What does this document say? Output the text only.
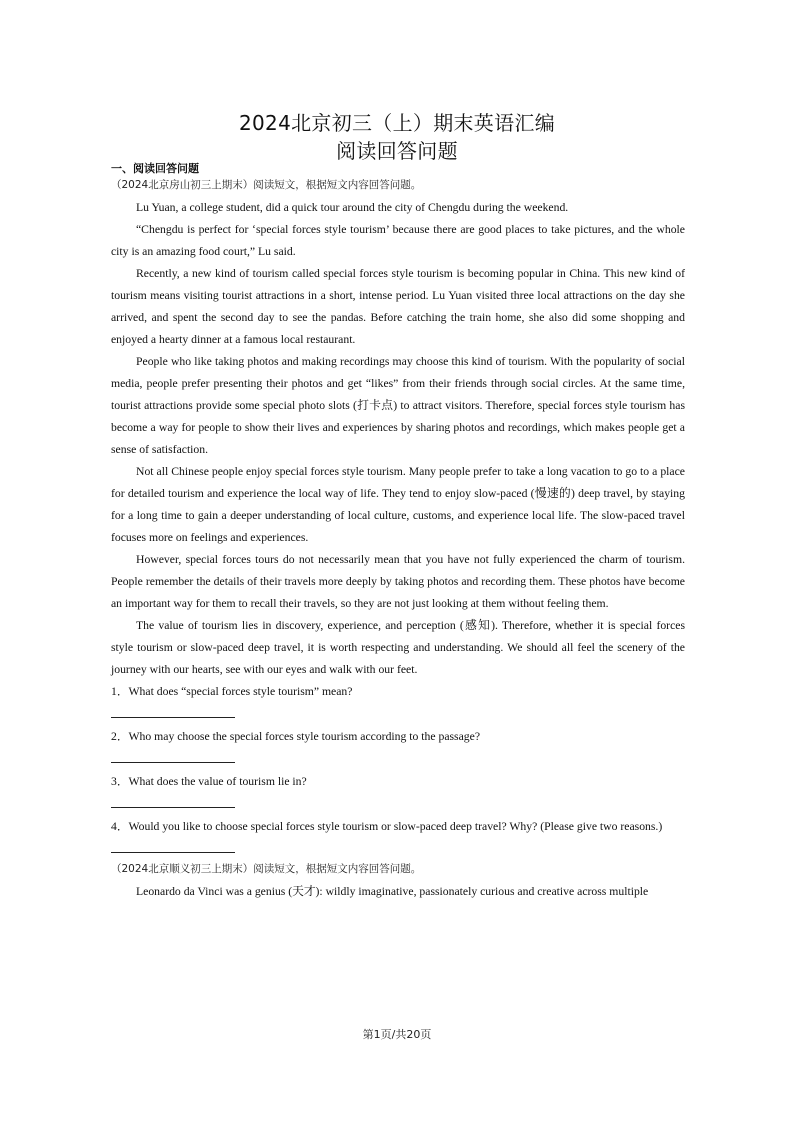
2024北京初三（上）期末英语汇编
阅读回答问题
一、阅读回答问题
（2024北京房山初三上期末）阅读短文，根据短文内容回答问题。

Lu Yuan, a college student, did a quick tour around the city of Chengdu during the weekend.

“Chengdu is perfect for ‘special forces style tourism’ because there are good places to take pictures, and the whole city is an amazing food court,” Lu said.

Recently, a new kind of tourism called special forces style tourism is becoming popular in China. This new kind of tourism means visiting tourist attractions in a short, intense period. Lu Yuan visited three local attractions on the day she arrived, and spent the second day to see the pandas. Before catching the train home, she also did some shopping and enjoyed a hearty dinner at a famous local restaurant.

People who like taking photos and making recordings may choose this kind of tourism. With the popularity of social media, people prefer presenting their photos and get “likes” from their friends through social circles. At the same time, tourist attractions provide some special photo slots (打卡点) to attract visitors. Therefore, special forces style tourism has become a way for people to show their lives and experiences by sharing photos and recordings, which makes people get a sense of satisfaction.

Not all Chinese people enjoy special forces style tourism. Many people prefer to take a long vacation to go to a place for detailed tourism and experience the local way of life. They tend to enjoy slow-paced (慢速的) deep travel, by staying for a long time to gain a deeper understanding of local culture, customs, and experience local life. The slow-paced travel focuses more on feelings and experiences.

However, special forces tours do not necessarily mean that you have not fully experienced the charm of tourism. People remember the details of their travels more deeply by taking photos and recording them. These photos have become an important way for them to recall their travels, so they are not just looking at them without feeling them.

The value of tourism lies in discovery, experience, and perception (感知). Therefore, whether it is special forces style tourism or slow-paced deep travel, it is worth respecting and understanding. We should all feel the scenery of the journey with our hearts, see with our eyes and walk with our feet.

1．What does “special forces style tourism” mean?

2．Who may choose the special forces style tourism according to the passage?

3．What does the value of tourism lie in?

4．Would you like to choose special forces style tourism or slow-paced deep travel? Why? (Please give two reasons.)

（2024北京顺义初三上期末）阅读短文，根据短文内容回答问题。

Leonardo da Vinci was a genius (天才): wildly imaginative, passionately curious and creative across multiple

第1页/共20页
